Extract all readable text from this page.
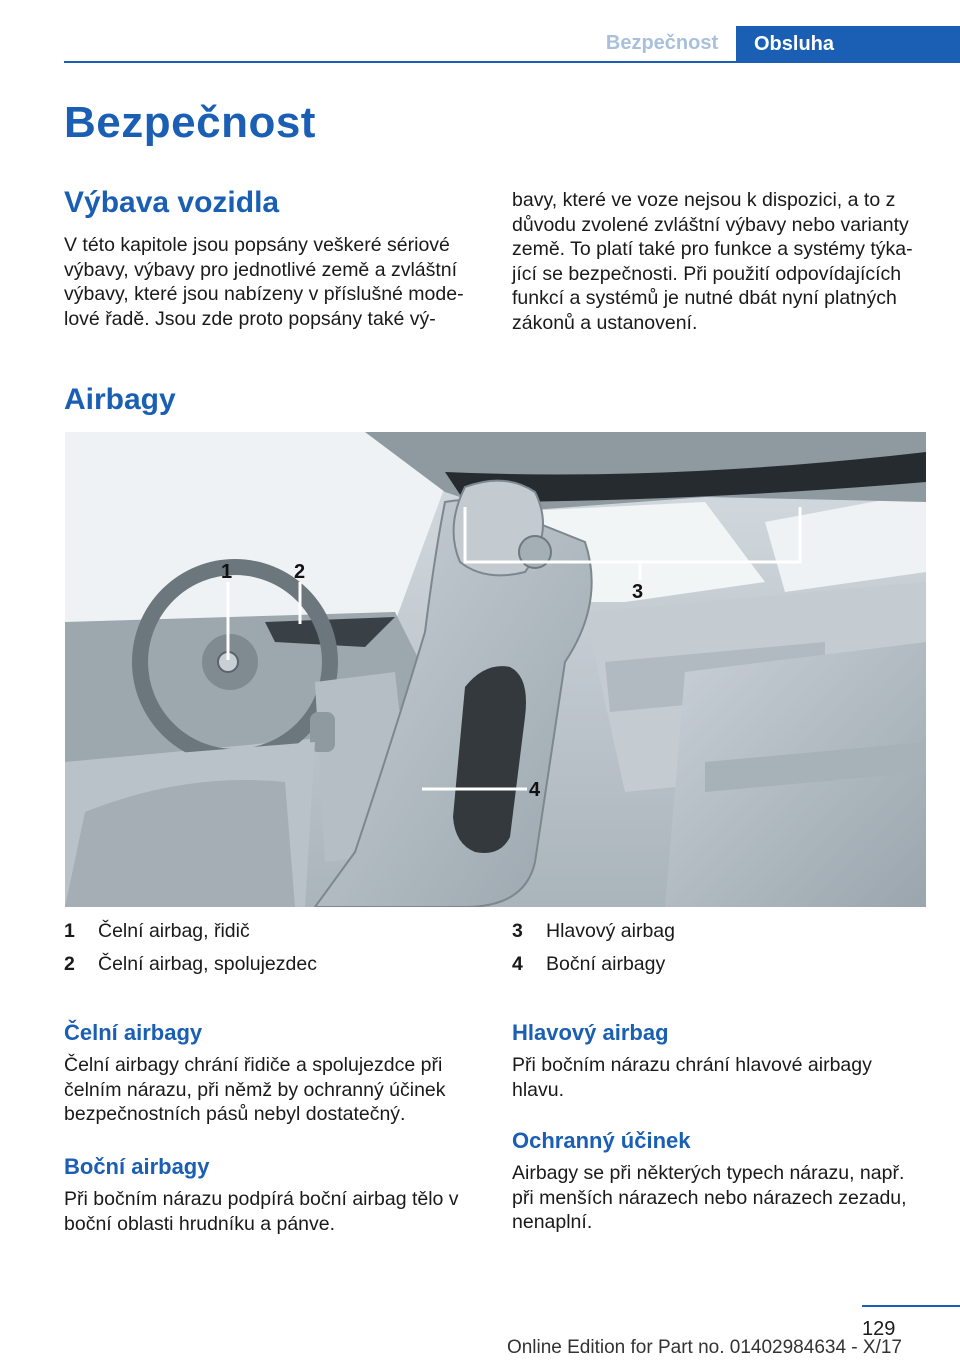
Bezpečnost	Obsluha
Bezpečnost
Výbava vozidla
V této kapitole jsou popsány veškeré sériové
výbavy, výbavy pro jednotlivé země a zvláštní
výbavy, které jsou nabízeny v příslušné mode‐
lové řadě. Jsou zde proto popsány také vý‐
bavy, které ve voze nejsou k dispozici, a to z
důvodu zvolené zvláštní výbavy nebo varianty
země. To platí také pro funkce a systémy týka‐
jící se bezpečnosti. Při použití odpovídajících
funkcí a systémů je nutné dbát nyní platných
zákonů a ustanovení.
Airbagy
1	2
3
4
1	Čelní airbag, řidič
2	Čelní airbag, spolujezdec
3	Hlavový airbag
4	Boční airbagy
Čelní airbagy
Čelní airbagy chrání řidiče a spolujezdce při
čelním nárazu, při němž by ochranný účinek
bezpečnostních pásů nebyl dostatečný.
Boční airbagy
Při bočním nárazu podpírá boční airbag tělo v
boční oblasti hrudníku a pánve.
Hlavový airbag
Při bočním nárazu chrání hlavové airbagy
hlavu.
Ochranný účinek
Airbagy se při některých typech nárazu, např.
při menších nárazech nebo nárazech zezadu,
nenaplní.
129
Online Edition for Part no. 01402984634 - X/17
